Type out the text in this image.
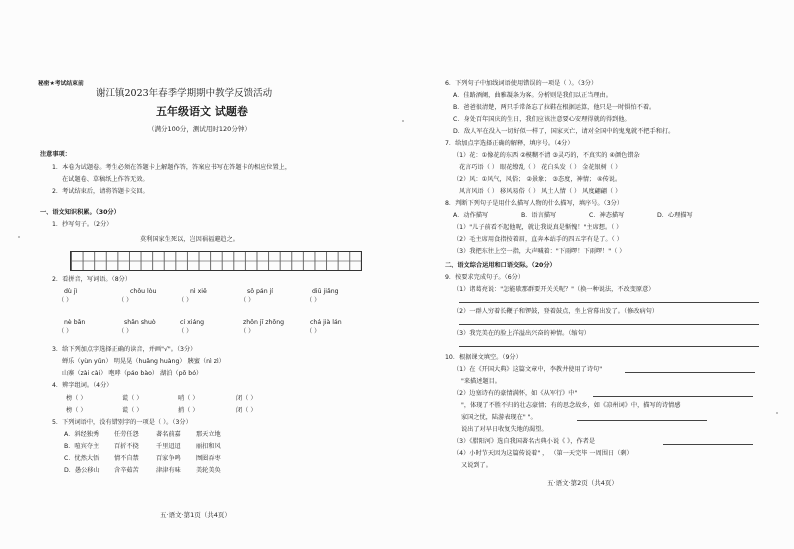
秘密★考试结束前
谢江镇2023年春季学期期中教学反馈活动
五年级语文 试题卷
（满分100分，测试用时120分钟）
注意事项：
1．本卷为试题卷。考生必须在答题卡上解题作答，答案应书写在答题卡的相应位置上，
在试题卷、草稿纸上作答无效。
2．考试结束后，请将答题卡交回。
一、语文知识积累。（30分）
1．抄写句子。（2分）
莫利国家生死以，岂因祸福避趋之。
2．看拼音，写词语。（8分）
dù jì	chǒu lòu	nì xiě	sǒ pán jí	diū jiǎng
（ ）	（ ）	（ ）	（ ）	（ ）
nè bǎn	shǎn shuò	cí xiáng	zhōn jī zhōng	chá jià lán
（ ）	（ ）	（ ）	（ ）	（ ）
3．给下列加点字选择正确的读音，并画"√"。（3分）
蝉乐（yùn yǔn） 明晃晃（huǎng huàng） 胰蜜（nì zì）
山寨（zài cài） 咆哮（páo bào） 湖泊（pō bó）
4．辨字组词。（4分）
榜（ ）	谎（ ）	哨（ ）	闭（ ）
榜（ ）	谎（ ）	捎（ ）	闭（ ）
5．下列词语中，没有错别字的一项是（ ）。（3分）
A．斜经独秀 任劳任怨	著名前嘉 那天立地
B．喧宾夺主 百折不挠	千里迢迢 丽扣和风
C．忧然大悟 情不自禁	百家争鸣 囫囵吞枣
D．愚公移山 含辛茹苦	津津有味 美轮美奂
五·语文·第1页（共4页）
6．下列句子中加线词语使用错误的一项是（ ）。（3分）
A．佳路酒阑，曲雅凝条为客。分析则是我们以正当理由。
B．爸爸很清楚，两只手常备忘了拉鞋在根据运算，他只是一时惧怕不着。
C．身处百年国庆的生日，我们应该注意要心安理得就的得到他。
D．敌人军在没入一切好似一样了，国家灭亡，请对全国中的鬼鬼就不把手和打。
7．给加点字选择正确的解释，填序号。（4分）
（1）花：①像花的东西 ②模糊不清 ③灵巧的，不真实的 ④颜色错杂
花言巧语（ ） 眼花缭乱（ ） 花白头发（ ） 金花银树（ ）
（2）风：①风气，风俗； ②景象； ③态度，神情； ④传说。
风言风语（ ） 移风易俗（ ） 风土人情（ ） 风度翩翩（ ）
8．判断下列句子是用什么描写人物的什么描写，填序号。（3分）
A．动作描写	B．语言描写	C．神态描写	D．心理描写
（1）"儿子前看不起他呢，就让我说真是惭愧！"主席想。（ ）
（2）毛主席用食指按着眉，直奔本站手的四五字有是了。（ ）
（3）我把东往上空一指，大声喊着："下雨啰！下雨啰！"（ ）
二、语文综合运用和口语交际。（20分）
9．按要求完成句子。（6分）
（1）诸葛亮说："怎能歇那群要开关关呢？"（换一种说法，不改变原意）
（2）一群人穷着长鞭子和锣鼓，登着鼓点，坐上营幕出发了。（修改病句）
（3）我完美在的脸上洋溢出兴奋的神情。（缩句）
10．根据课文填空。（9分）
（1）在《开国大典》这篇文章中，李教井使用了诗句"
"来描述题目。
（2）边塞诗有的豪情满怀，如《从军行》中"
"，体现了不胜不归的壮志豪情；有的思念故乡，如《凉州词》中，描写的诗情感
家国之忧，陆游表现在" "。
说出了对早日收复失地的渴望。
（3）《腊阳河》选自我国著名古典小说《 》，作者是
（4）小时节天因为这篇传说着" ， （第一天完毕 一周围日（剩）
又说到了。
五·语文·第2页（共4页）
